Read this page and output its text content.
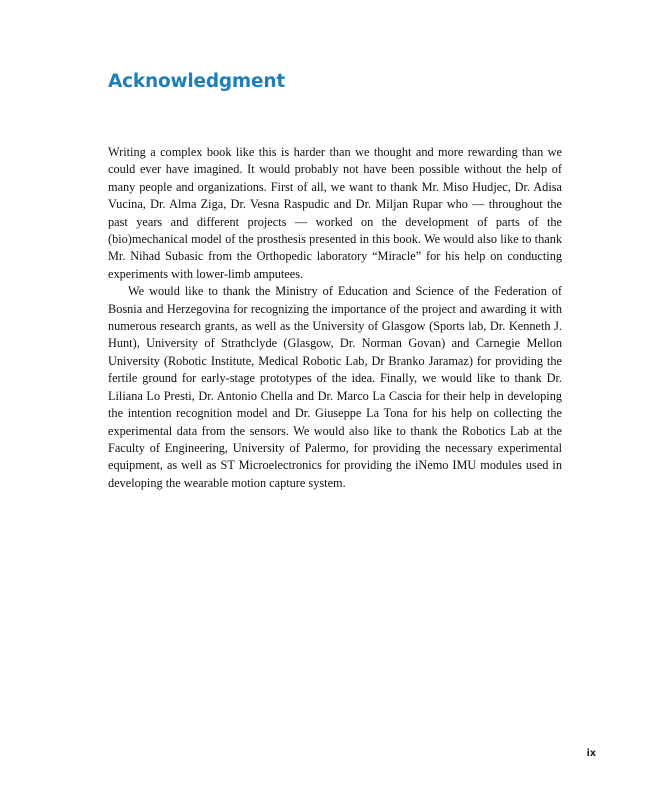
Acknowledgment

Writing a complex book like this is harder than we thought and more rewarding than we could ever have imagined. It would probably not have been possible without the help of many people and organizations. First of all, we want to thank Mr. Miso Hudjec, Dr. Adisa Vucina, Dr. Alma Ziga, Dr. Vesna Raspudic and Dr. Miljan Rupar who — throughout the past years and different projects — worked on the development of parts of the (bio)mechanical model of the prosthesis presented in this book. We would also like to thank Mr. Nihad Subasic from the Orthopedic laboratory “Miracle” for his help on conducting experiments with lower-limb amputees.

We would like to thank the Ministry of Education and Science of the Federation of Bosnia and Herzegovina for recognizing the importance of the project and awarding it with numerous research grants, as well as the University of Glasgow (Sports lab, Dr. Kenneth J. Hunt), University of Strathclyde (Glasgow, Dr. Norman Govan) and Carnegie Mellon University (Robotic Institute, Medical Robotic Lab, Dr Branko Jaramaz) for providing the fertile ground for early-stage prototypes of the idea. Finally, we would like to thank Dr. Liliana Lo Presti, Dr. Antonio Chella and Dr. Marco La Cascia for their help in developing the intention recognition model and Dr. Giuseppe La Tona for his help on collecting the experimental data from the sensors. We would also like to thank the Robotics Lab at the Faculty of Engineering, University of Palermo, for providing the necessary experimental equipment, as well as ST Microelectronics for providing the iNemo IMU modules used in developing the wearable motion capture system.

ix
